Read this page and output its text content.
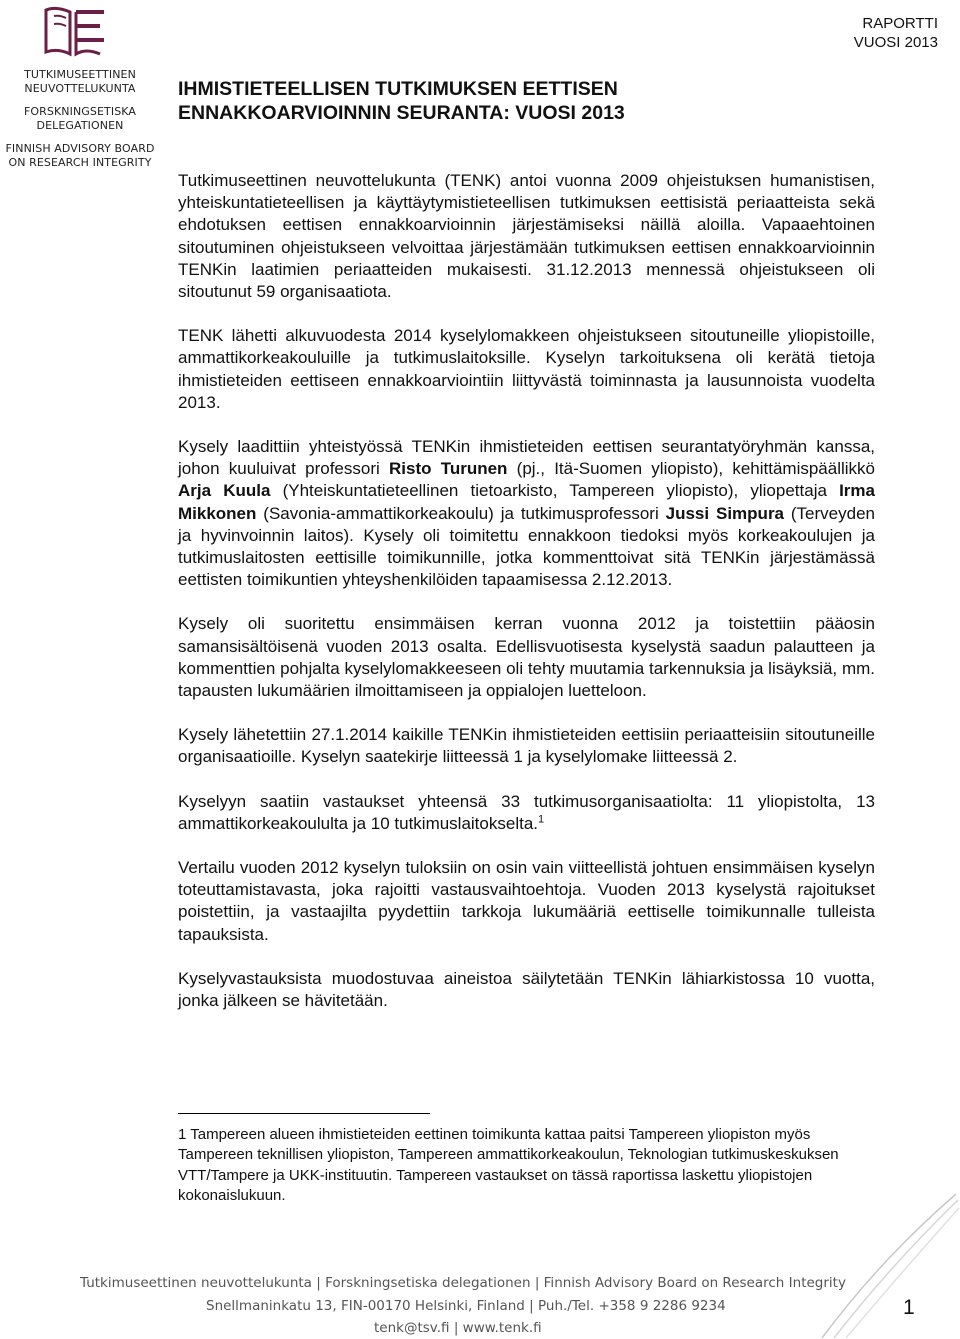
TUTKIMUSEETTINEN
NEUVOTTELUKUNTA
FORSKNINGSETISKA
DELEGATIONEN
FINNISH ADVISORY BOARD
ON RESEARCH INTEGRITY
RAPORTTI
VUOSI 2013
IHMISTIETEELLISEN TUTKIMUKSEN EETTISEN
ENNAKKOARVIOINNIN SEURANTA: VUOSI 2013

Tutkimuseettinen neuvottelukunta (TENK) antoi vuonna 2009 ohjeistuksen humanistisen, yhteiskuntatieteellisen ja käyttäytymistieteellisen tutkimuksen eettisistä periaatteista sekä ehdotuksen eettisen ennakkoarvioinnin järjestämiseksi näillä aloilla. Vapaaehtoinen sitoutuminen ohjeistukseen velvoittaa järjestämään tutkimuksen eettisen ennakkoarvioinnin TENKin laatimien periaatteiden mukaisesti. 31.12.2013 mennessä ohjeistukseen oli sitoutunut 59 organisaatiota.

TENK lähetti alkuvuodesta 2014 kyselylomakkeen ohjeistukseen sitoutuneille yliopistoille, ammattikorkeakouluille ja tutkimuslaitoksille. Kyselyn tarkoituksena oli kerätä tietoja ihmistieteiden eettiseen ennakkoarviointiin liittyvästä toiminnasta ja lausunnoista vuodelta 2013.

Kysely laadittiin yhteistyössä TENKin ihmistieteiden eettisen seurantatyöryhmän kanssa, johon kuuluivat professori Risto Turunen (pj., Itä-Suomen yliopisto), kehittämispäällikkö Arja Kuula (Yhteiskuntatieteellinen tietoarkisto, Tampereen yliopisto), yliopettaja Irma Mikkonen (Savonia-ammattikorkeakoulu) ja tutkimusprofessori Jussi Simpura (Terveyden ja hyvinvoinnin laitos). Kysely oli toimitettu ennakkoon tiedoksi myös korkeakoulujen ja tutkimuslaitosten eettisille toimikunnille, jotka kommenttoivat sitä TENKin järjestämässä eettisten toimikuntien yhteyshenkilöiden tapaamisessa 2.12.2013.

Kysely oli suoritettu ensimmäisen kerran vuonna 2012 ja toistettiin pääosin samansisältöisenä vuoden 2013 osalta. Edellisvuotisesta kyselystä saadun palautteen ja kommenttien pohjalta kyselylomakkeeseen oli tehty muutamia tarkennuksia ja lisäyksiä, mm. tapausten lukumäärien ilmoittamiseen ja oppialojen luetteloon.

Kysely lähetettiin 27.1.2014 kaikille TENKin ihmistieteiden eettisiin periaatteisiin sitoutuneille organisaatioille. Kyselyn saatekirje liitteessä 1 ja kyselylomake liitteessä 2.

Kyselyyn saatiin vastaukset yhteensä 33 tutkimusorganisaatiolta: 11 yliopistolta, 13 ammattikorkeakoululta ja 10 tutkimuslaitokselta.$^1$

Vertailu vuoden 2012 kyselyn tuloksiin on osin vain viitteellistä johtuen ensimmäisen kyselyn toteuttamistavasta, joka rajoitti vastausvaihtoehtoja. Vuoden 2013 kyselystä rajoitukset poistettiin, ja vastaajilta pyydettiin tarkkoja lukumääriä eettiselle toimikunnalle tulleista tapauksista.

Kyselyvastauksista muodostuvaa aineistoa säilytetään TENKin lähiarkistossa 10 vuotta, jonka jälkeen se hävitetään.

1 Tampereen alueen ihmistieteiden eettinen toimikunta kattaa paitsi Tampereen yliopiston myös Tampereen teknillisen yliopiston, Tampereen ammattikorkeakoulun, Teknologian tutkimuskeskuksen VTT/Tampere ja UKK-instituutin. Tampereen vastaukset on tässä raportissa laskettu yliopistojen kokonaislukuun.
Tutkimuseettinen neuvottelukunta | Forskningsetiska delegationen | Finnish Advisory Board on Research Integrity
Snellmaninkatu 13, FIN-00170 Helsinki, Finland | Puh./Tel. +358 9 2286 9234
tenk@tsv.fi | www.tenk.fi
1
